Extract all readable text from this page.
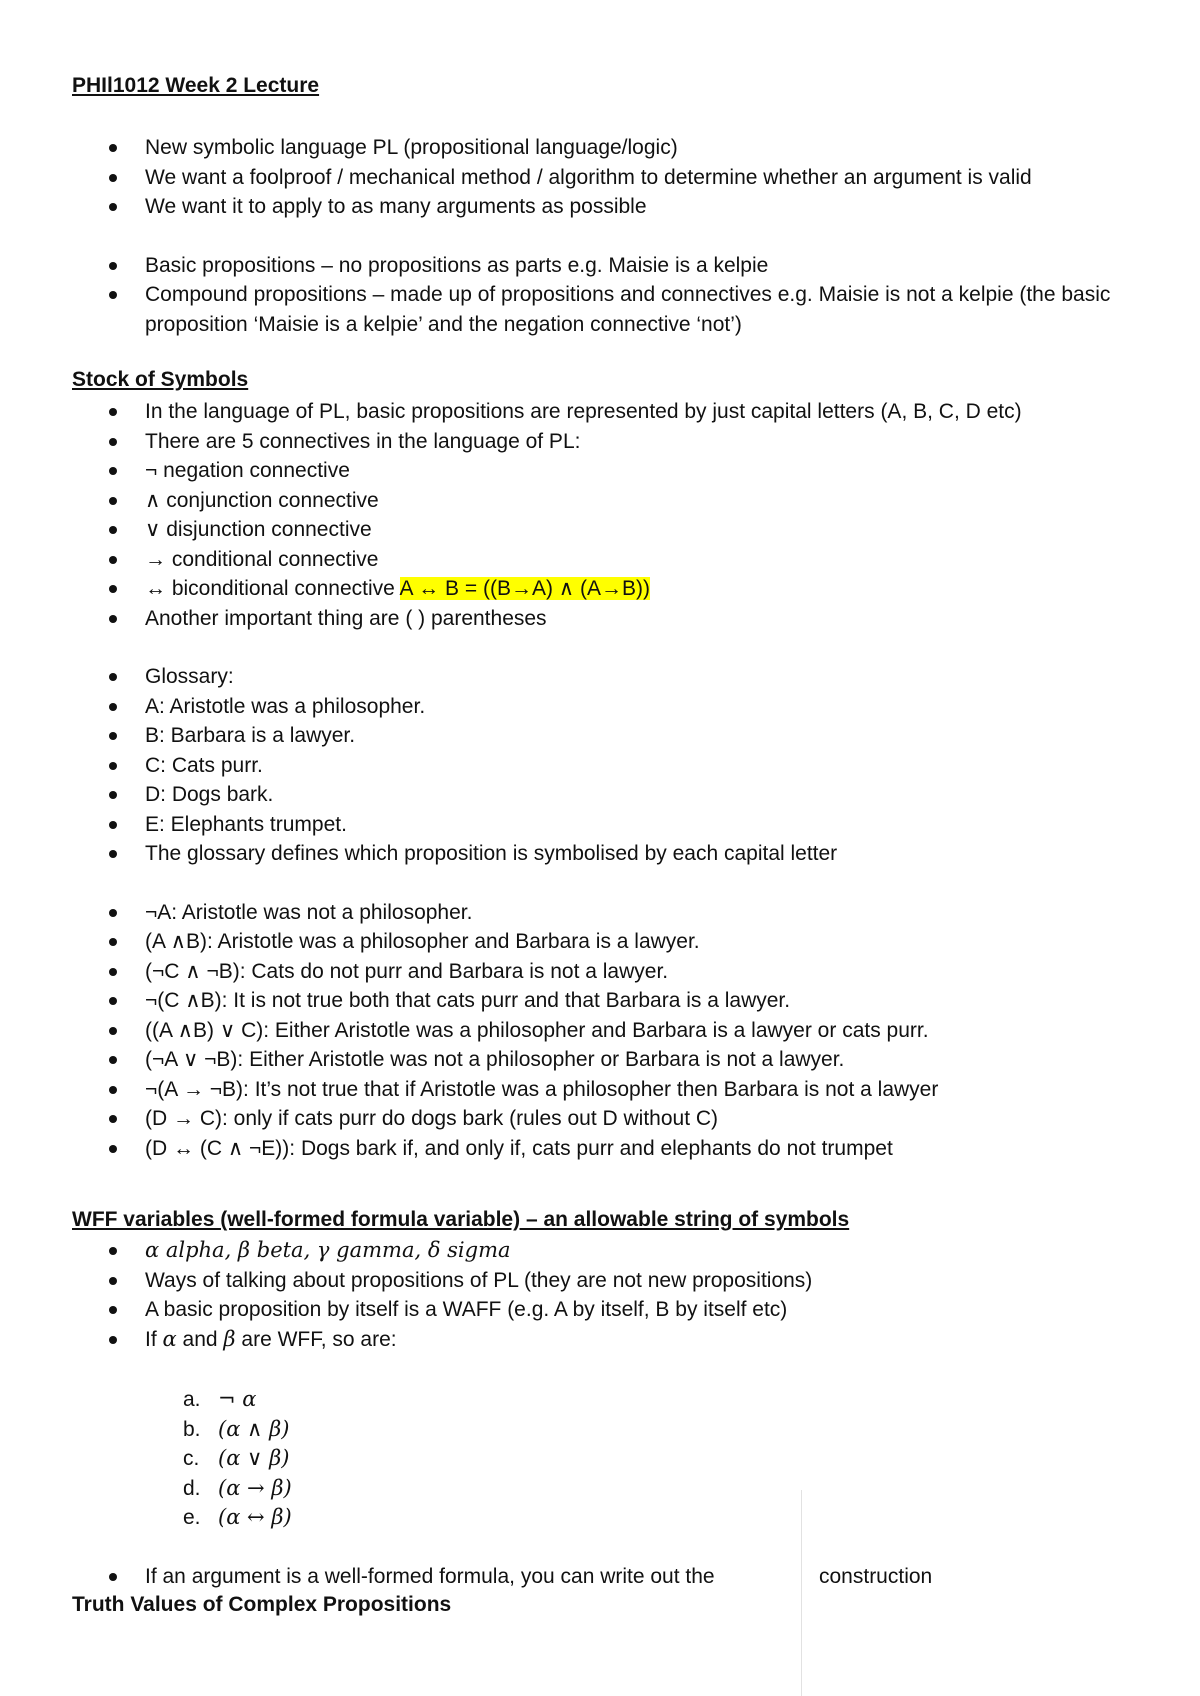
PHIl1012 Week 2 Lecture
New symbolic language PL (propositional language/logic)
We want a foolproof / mechanical method / algorithm to determine whether an argument is valid
We want it to apply to as many arguments as possible
Basic propositions – no propositions as parts e.g. Maisie is a kelpie
Compound propositions – made up of propositions and connectives e.g. Maisie is not a kelpie (the basic proposition ‘Maisie is a kelpie’ and the negation connective ‘not’)
Stock of Symbols
In the language of PL, basic propositions are represented by just capital letters (A, B, C, D etc)
There are 5 connectives in the language of PL:
¬ negation connective
∧ conjunction connective
∨ disjunction connective
→ conditional connective
↔ biconditional connective A ↔ B = ((B→A) ∧ (A→B))
Another important thing are ( ) parentheses
Glossary:
A: Aristotle was a philosopher.
B: Barbara is a lawyer.
C: Cats purr.
D: Dogs bark.
E: Elephants trumpet.
The glossary defines which proposition is symbolised by each capital letter
¬A: Aristotle was not a philosopher.
(A ∧B): Aristotle was a philosopher and Barbara is a lawyer.
(¬C ∧ ¬B): Cats do not purr and Barbara is not a lawyer.
¬(C ∧B): It is not true both that cats purr and that Barbara is a lawyer.
((A ∧B) ∨ C): Either Aristotle was a philosopher and Barbara is a lawyer or cats purr.
(¬A ∨ ¬B): Either Aristotle was not a philosopher or Barbara is not a lawyer.
¬(A → ¬B): It’s not true that if Aristotle was a philosopher then Barbara is not a lawyer
(D → C): only if cats purr do dogs bark (rules out D without C)
(D ↔ (C ∧ ¬E)): Dogs bark if, and only if, cats purr and elephants do not trumpet
WFF variables (well-formed formula variable) – an allowable string of symbols
α alpha, β beta, γ gamma, δ sigma
Ways of talking about propositions of PL (they are not new propositions)
A basic proposition by itself is a WAFF (e.g. A by itself, B by itself etc)
If α and β are WFF, so are:
a. ¬ α
b. (α ∧ β)
c. (α ∨ β)
d. (α → β)
e. (α ↔ β)
If an argument is a well-formed formula, you can write out the	construction
Truth Values of Complex Propositions
